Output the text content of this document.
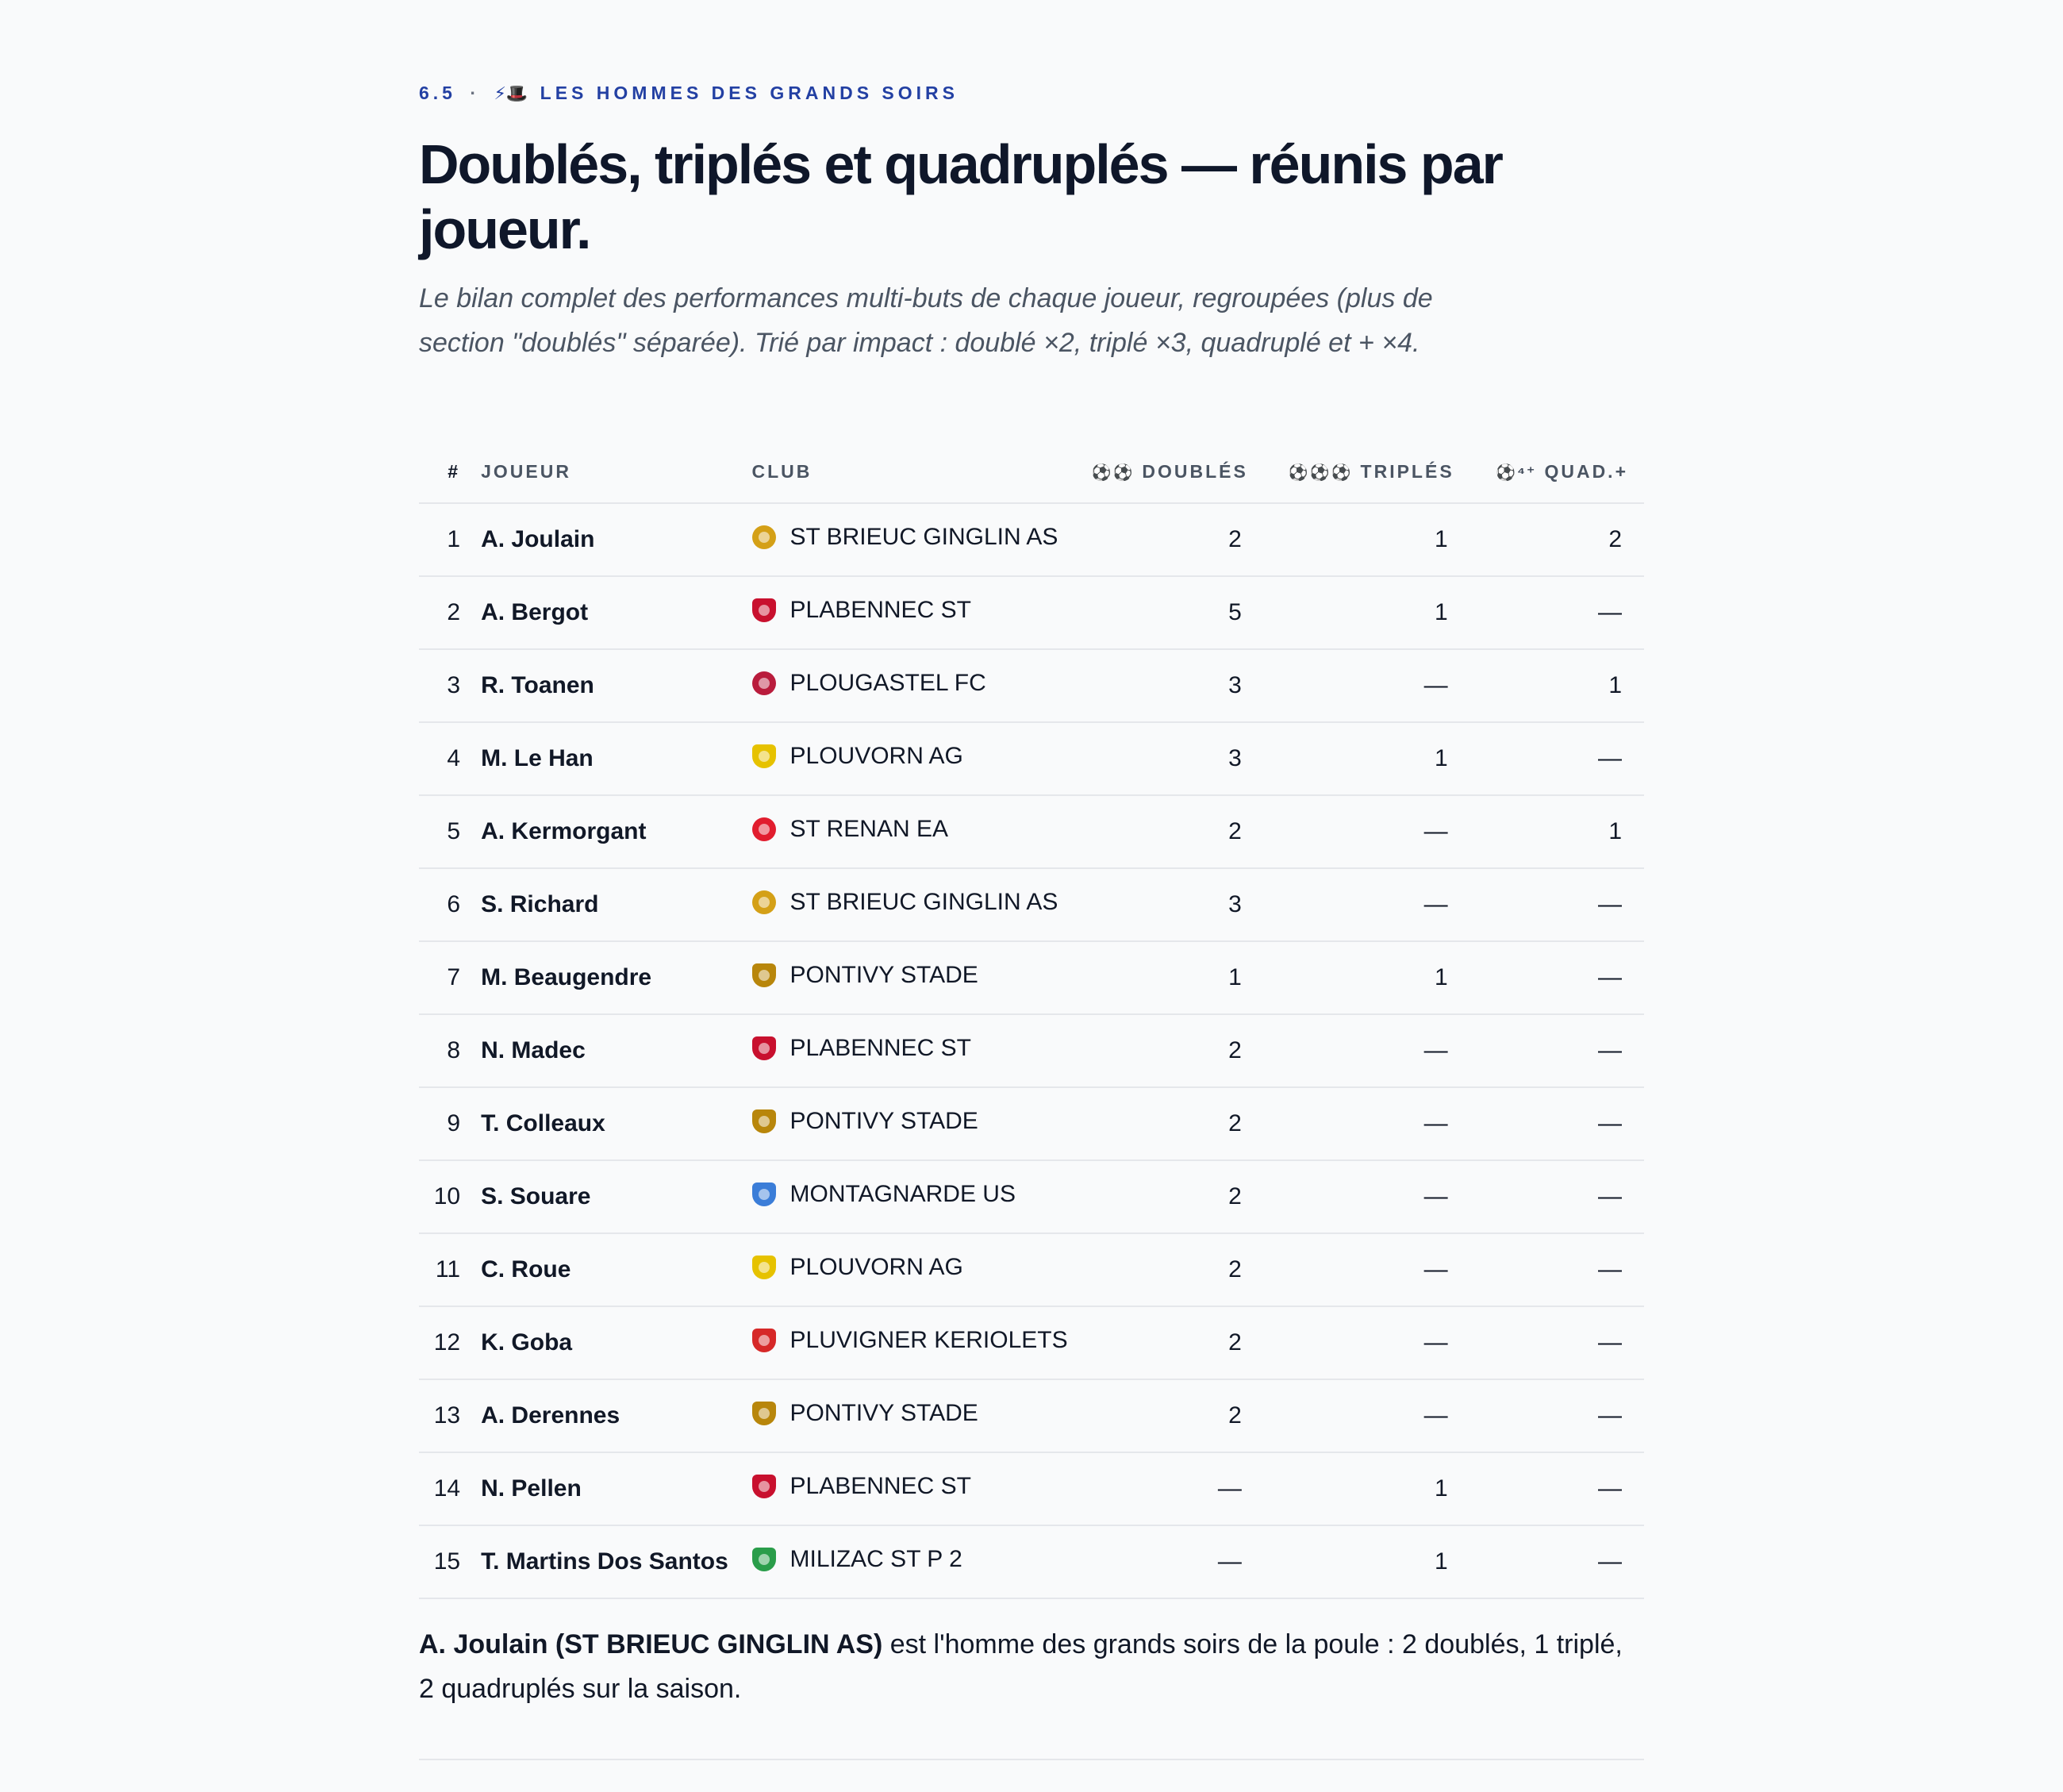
6.5 · ⚡🎩 LES HOMMES DES GRANDS SOIRS
Doublés, triplés et quadruplés — réunis par joueur.

Le bilan complet des performances multi-buts de chaque joueur, regroupées (plus de section "doublés" séparée). Trié par impact : doublé ×2, triplé ×3, quadruplé et + ×4.

#	JOUEUR	CLUB	⚽⚽ DOUBLÉS	⚽⚽⚽ TRIPLÉS	⚽⁴⁺ QUAD.+
1	A. Joulain	ST BRIEUC GINGLIN AS	2	1	2
2	A. Bergot	PLABENNEC ST	5	1	—
3	R. Toanen	PLOUGASTEL FC	3	—	1
4	M. Le Han	PLOUVORN AG	3	1	—
5	A. Kermorgant	ST RENAN EA	2	—	1
6	S. Richard	ST BRIEUC GINGLIN AS	3	—	—
7	M. Beaugendre	PONTIVY STADE	1	1	—
8	N. Madec	PLABENNEC ST	2	—	—
9	T. Colleaux	PONTIVY STADE	2	—	—
10	S. Souare	MONTAGNARDE US	2	—	—
11	C. Roue	PLOUVORN AG	2	—	—
12	K. Goba	PLUVIGNER KERIOLETS	2	—	—
13	A. Derennes	PONTIVY STADE	2	—	—
14	N. Pellen	PLABENNEC ST	—	1	—
15	T. Martins Dos Santos	MILIZAC ST P 2	—	1	—

A. Joulain (ST BRIEUC GINGLIN AS) est l'homme des grands soirs de la poule : 2 doublés, 1 triplé, 2 quadruplés sur la saison.
